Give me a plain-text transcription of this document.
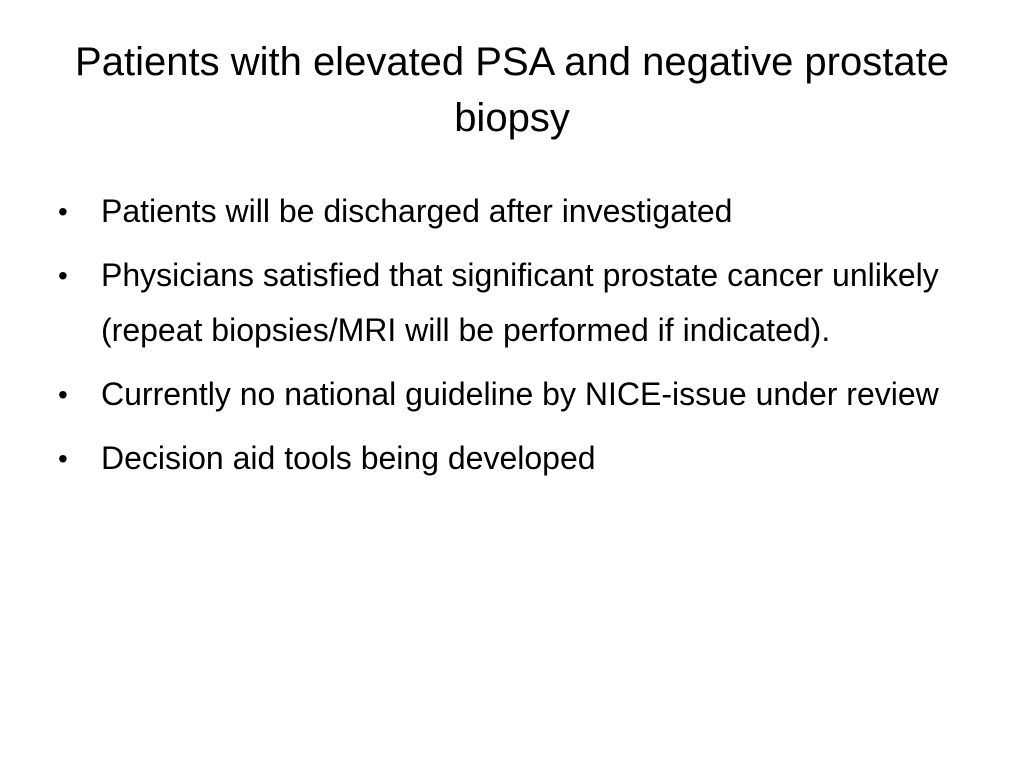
Patients with elevated PSA and negative prostate biopsy
• Patients will be discharged after investigated
• Physicians satisfied that significant prostate cancer unlikely (repeat biopsies/MRI will be performed if indicated).
• Currently no national guideline by NICE-issue under review
• Decision aid tools being developed
